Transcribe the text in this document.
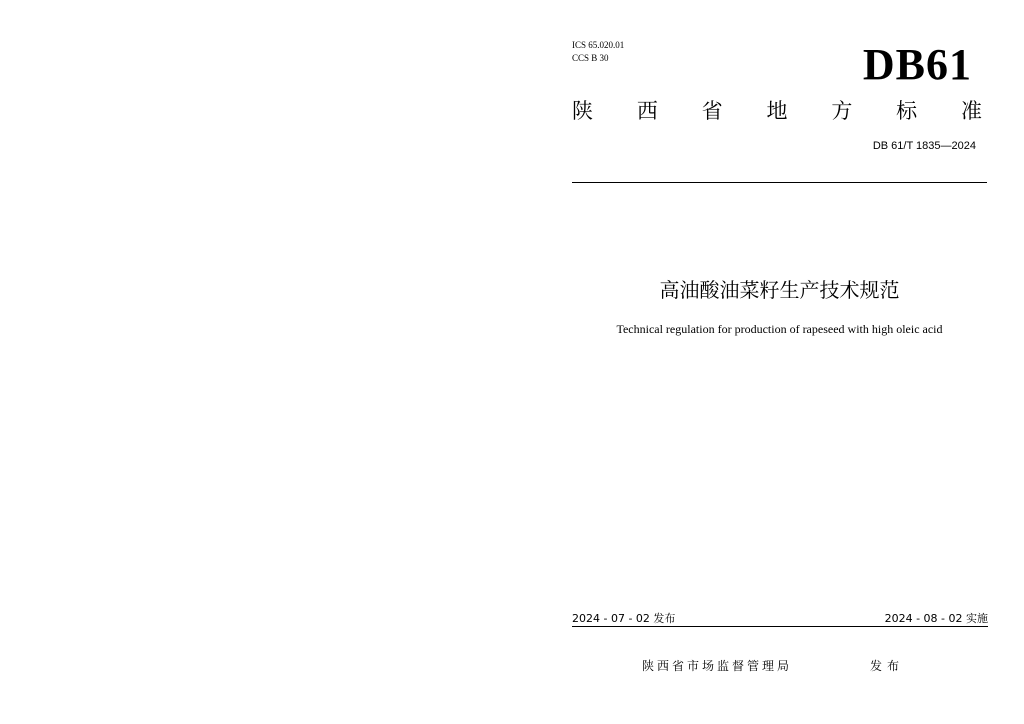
ICS 65.020.01
CCS B 30	DB61
陕 西 省 地 方 标 准
DB 61/T 1835—2024
高油酸油菜籽生产技术规范
Technical regulation for production of rapeseed with high oleic acid
2024 - 07 - 02 发布	2024 - 08 - 02 实施
陕西省市场监督管理局	发布
